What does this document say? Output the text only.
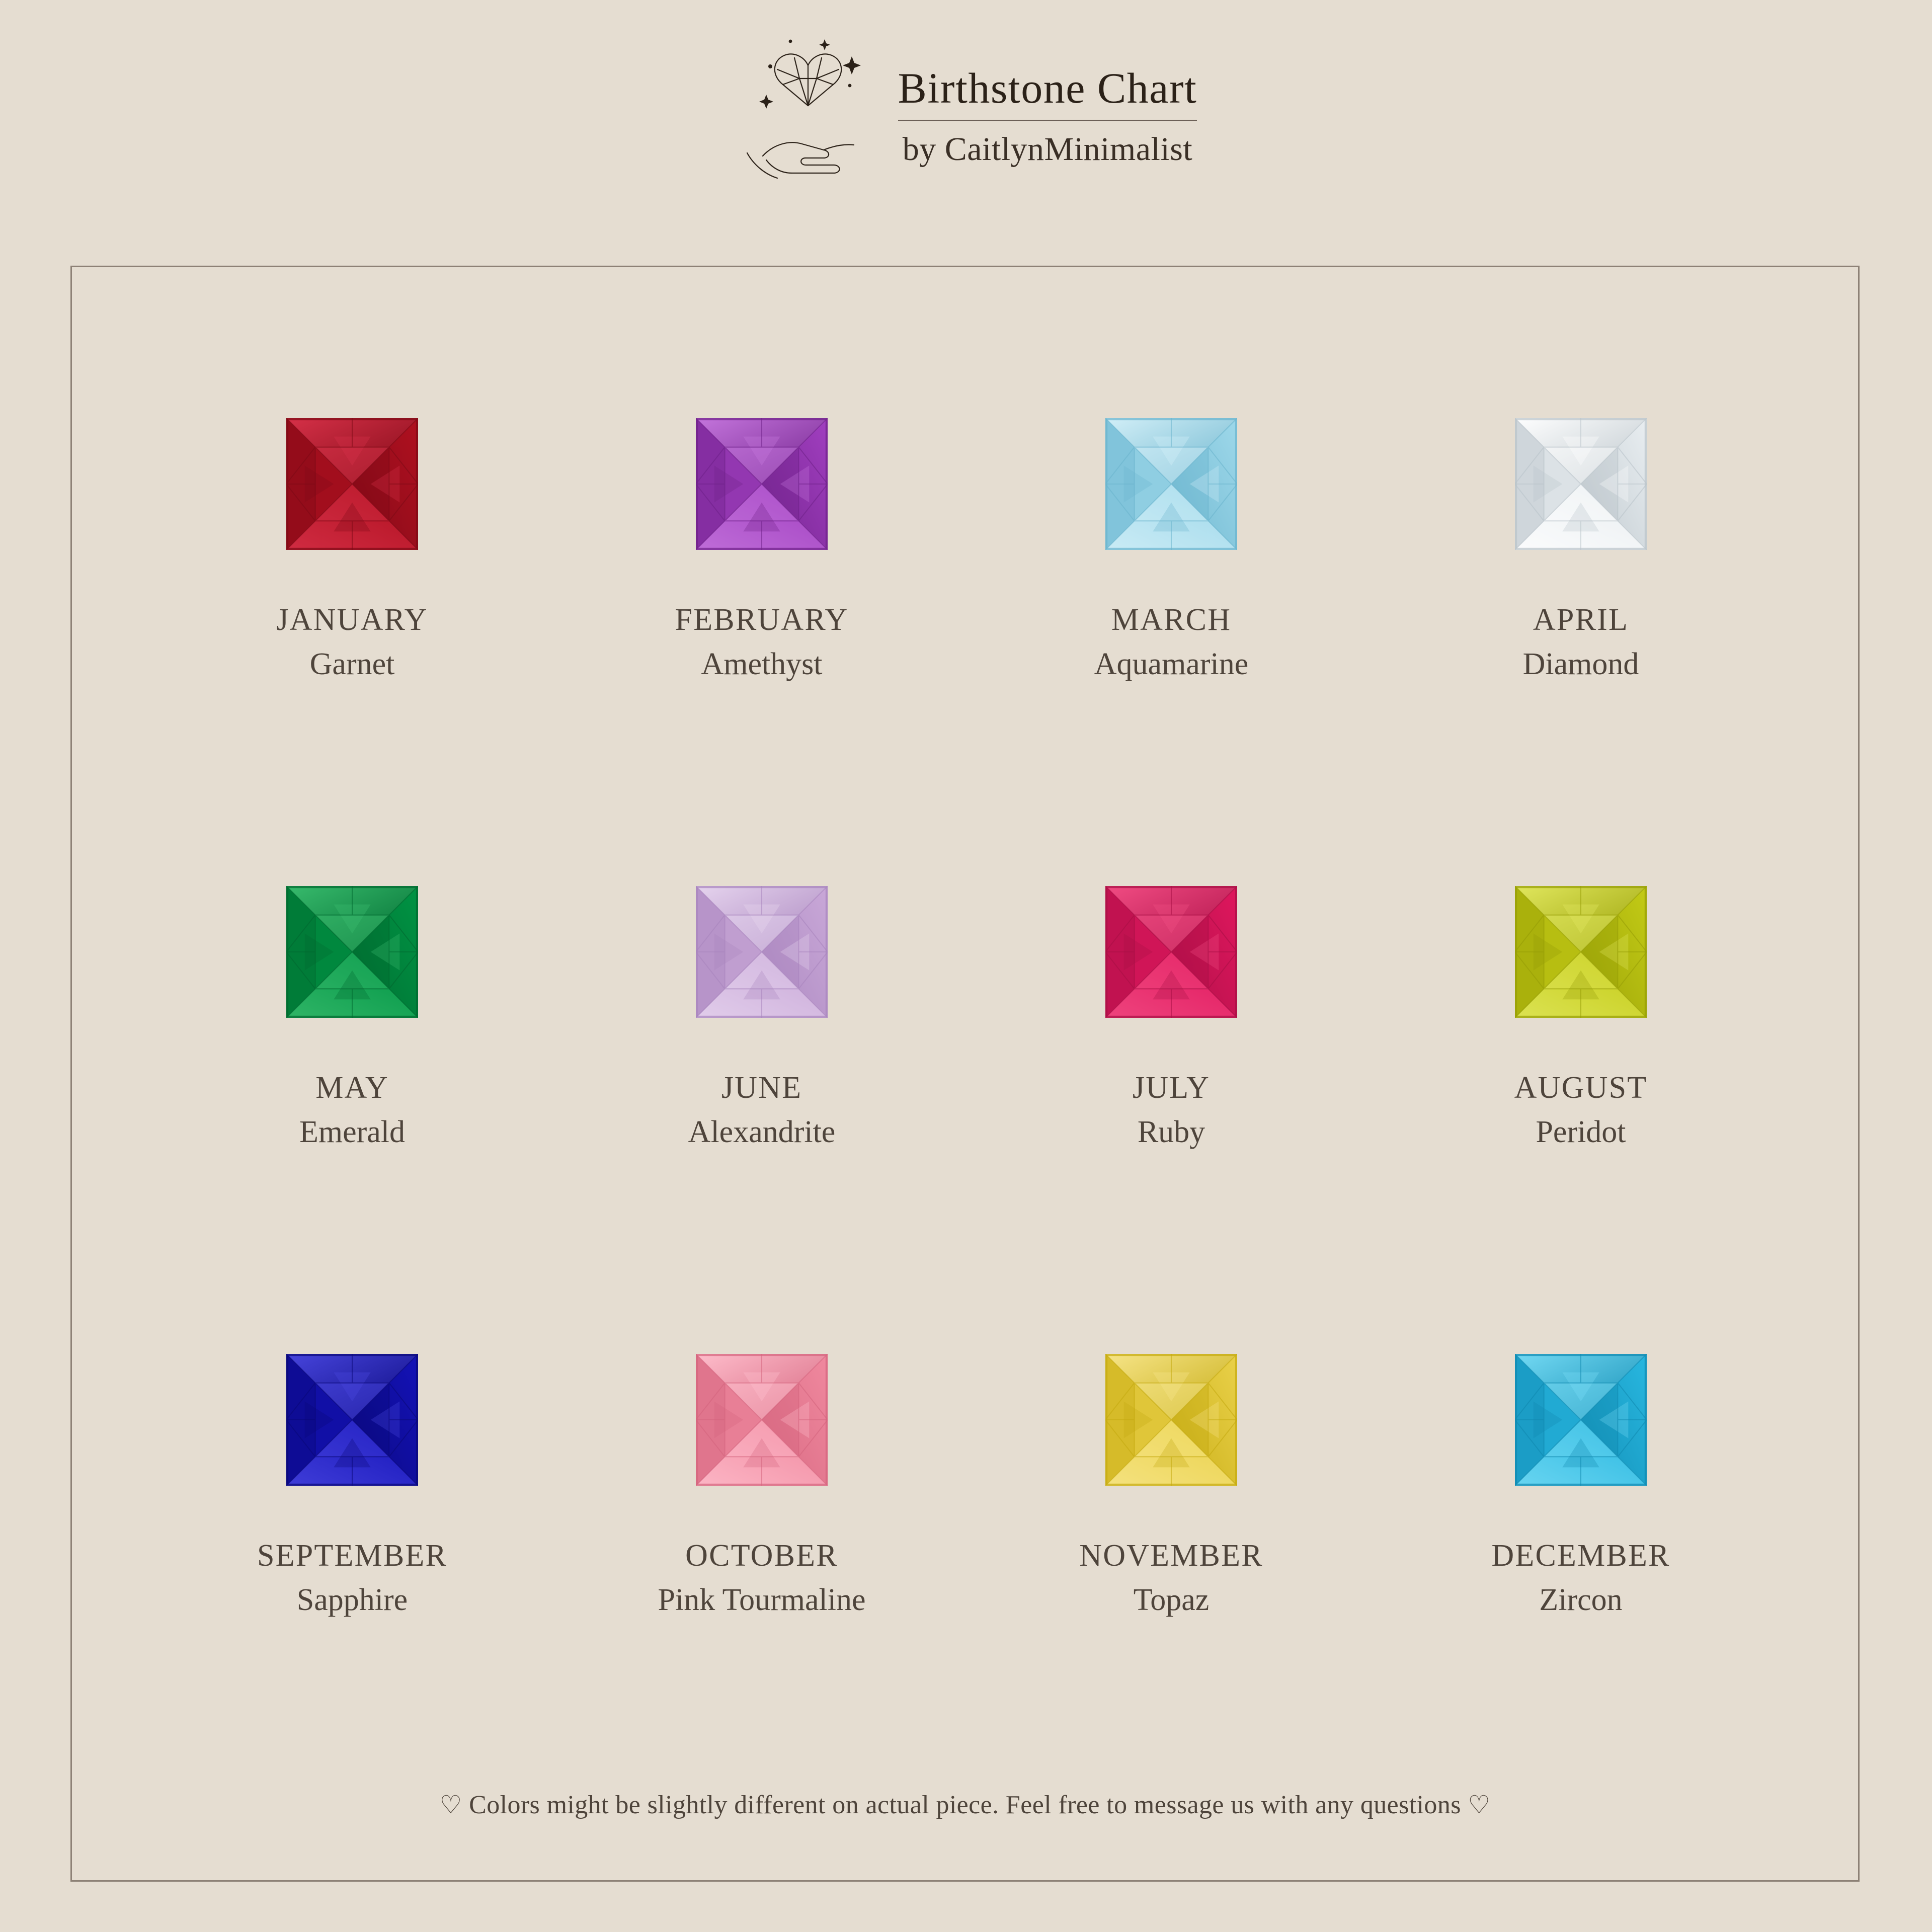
Birthstone Chart
by CaitlynMinimalist
JANUARY
Garnet
FEBRUARY
Amethyst
MARCH
Aquamarine
APRIL
Diamond
MAY
Emerald
JUNE
Alexandrite
JULY
Ruby
AUGUST
Peridot
SEPTEMBER
Sapphire
OCTOBER
Pink Tourmaline
NOVEMBER
Topaz
DECEMBER
Zircon
♡ Colors might be slightly different on actual piece. Feel free to message us with any questions ♡
